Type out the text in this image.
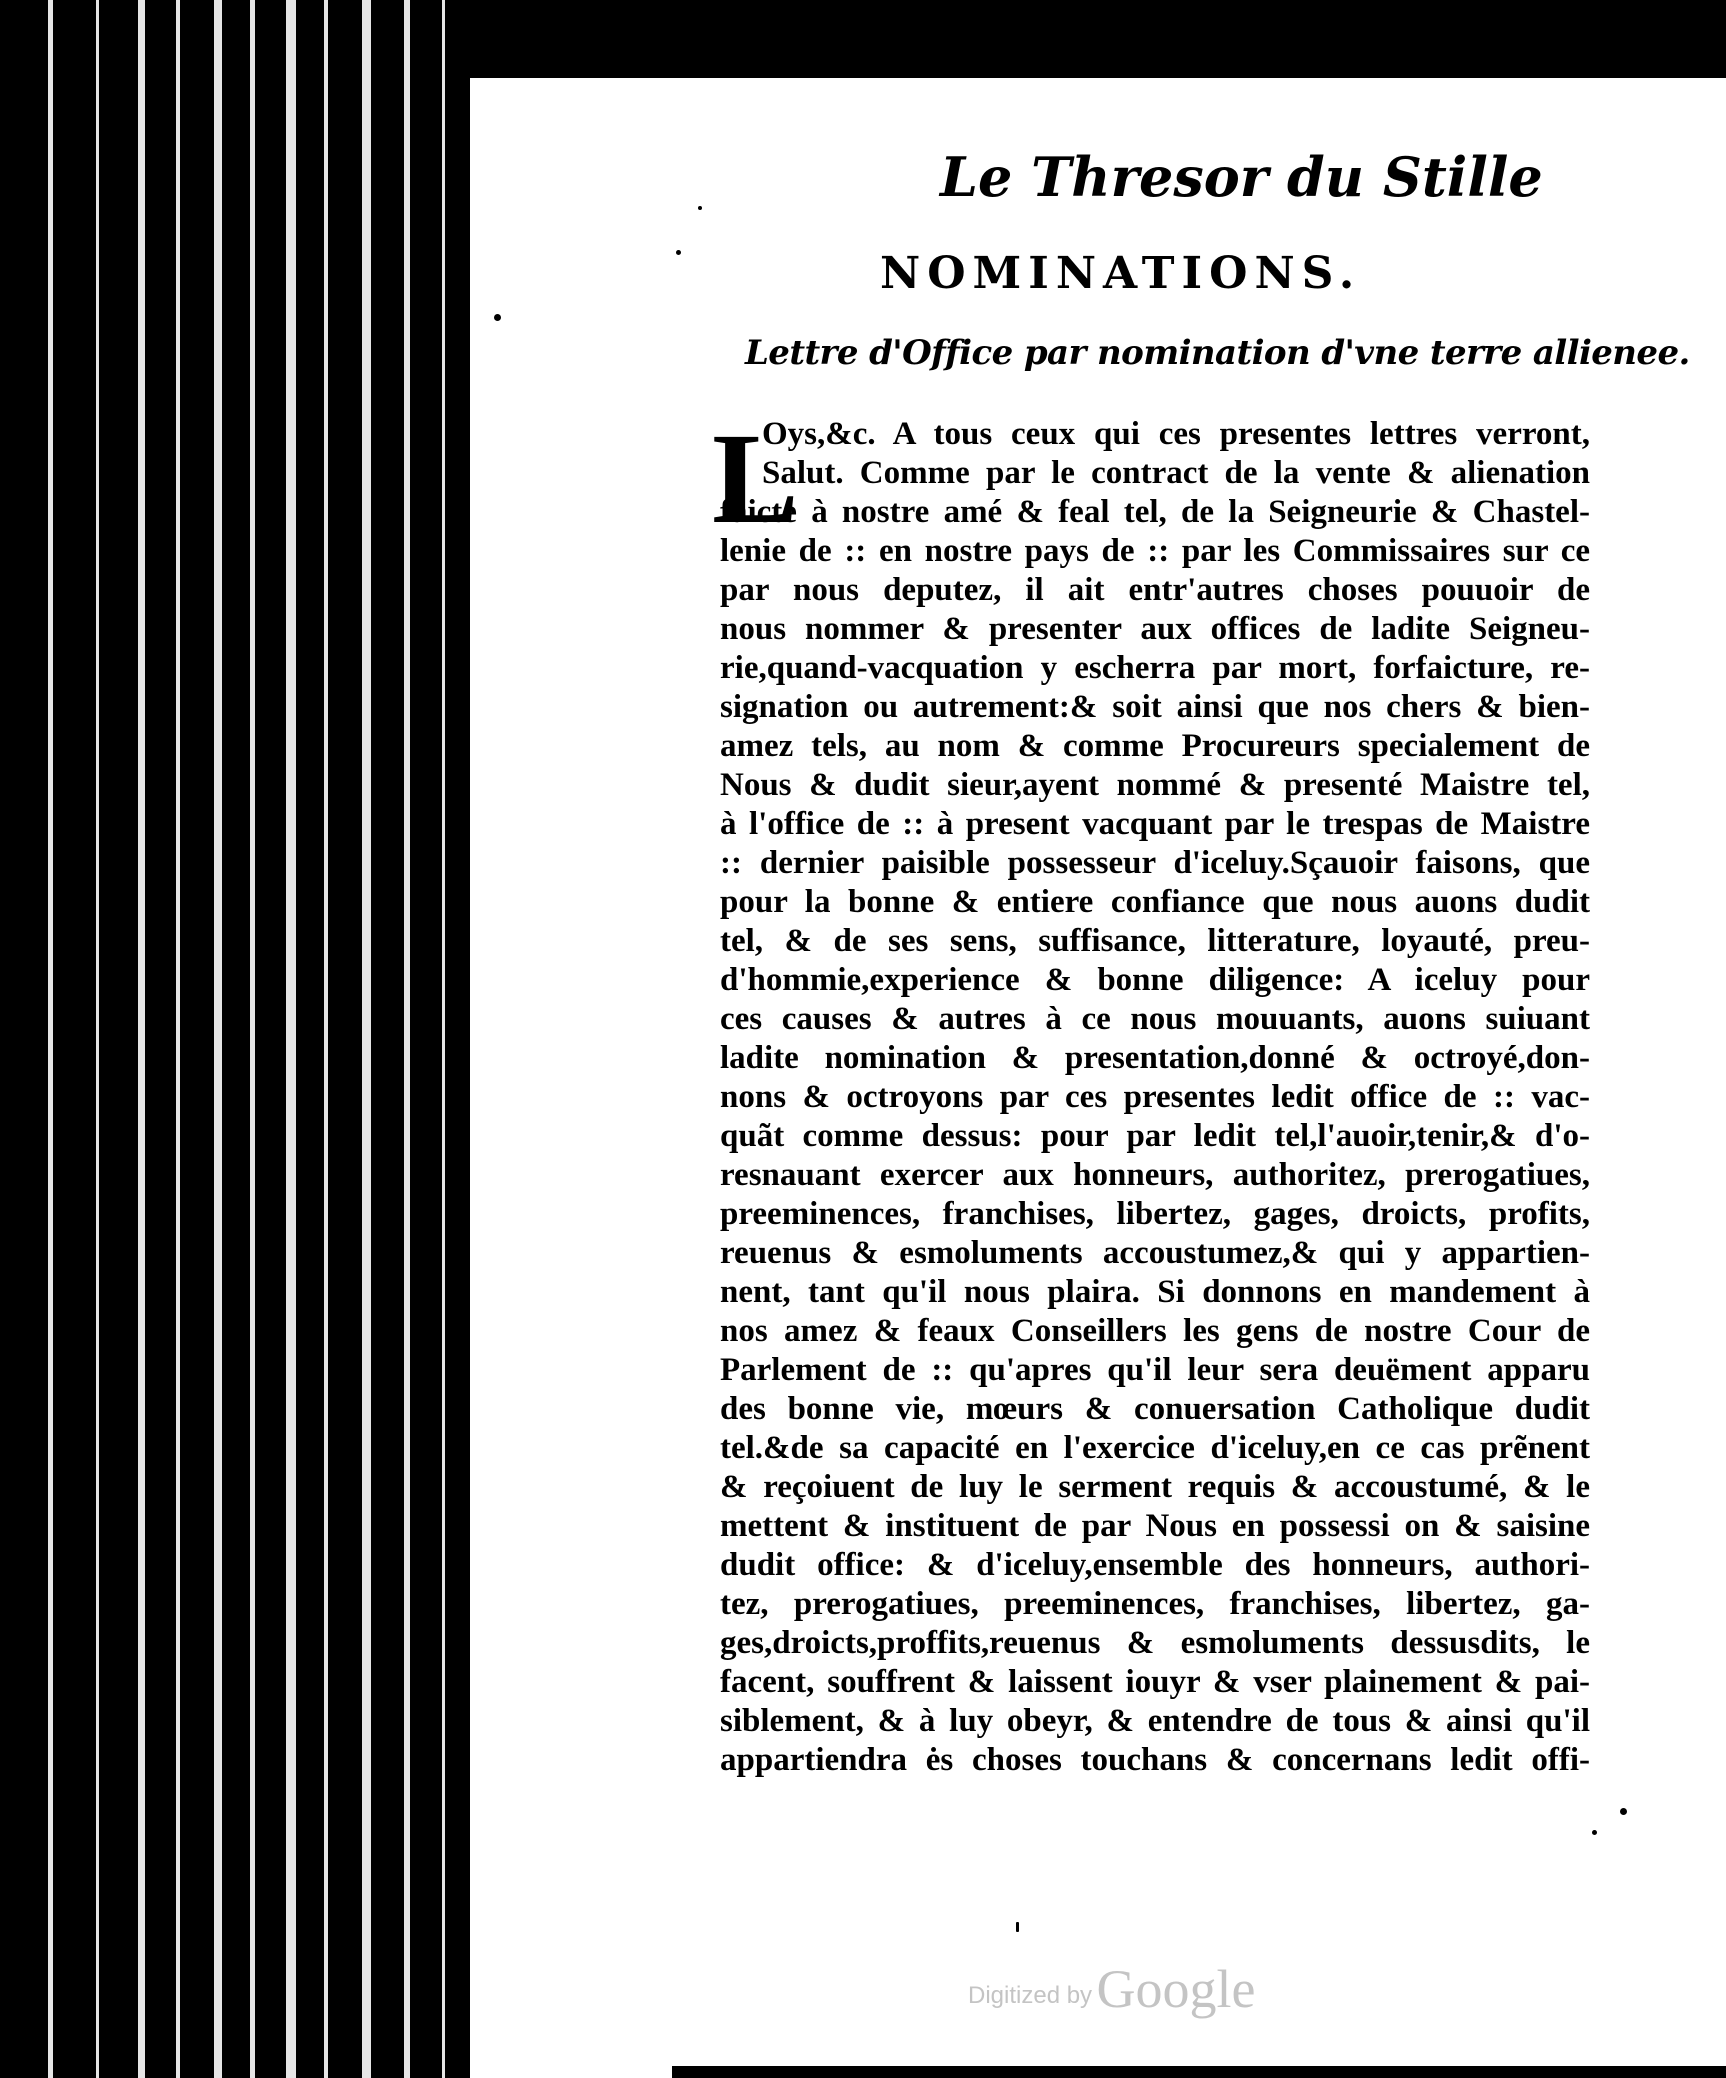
Le Thresor du Stille
NOMINATIONS.
Lettre d'Office par nomination d'vne terre allienee.
L
Oys,&c. A tous ceux qui ces presentes lettres verront,
Salut. Comme par le contract de la vente & alienation
faicte à nostre amé & feal tel, de la Seigneurie & Chastel-
lenie de :: en nostre pays de :: par les Commissaires sur ce
par nous deputez, il ait entr'autres choses pouuoir de
nous nommer & presenter aux offices de ladite Seigneu-
rie,quand-vacquation y escherra par mort, forfaicture, re-
signation ou autrement:& soit ainsi que nos chers & bien-
amez tels, au nom & comme Procureurs specialement de
Nous & dudit sieur,ayent nommé & presenté Maistre tel,
à l'office de :: à present vacquant par le trespas de Maistre
:: dernier paisible possesseur d'iceluy.Sçauoir faisons, que
pour la bonne & entiere confiance que nous auons dudit
tel, & de ses sens, suffisance, litterature, loyauté, preu-
d'hommie,experience & bonne diligence: A iceluy pour
ces causes & autres à ce nous mouuants, auons suiuant
ladite nomination & presentation,donné & octroyé,don-
nons & octroyons par ces presentes ledit office de :: vac-
quãt comme dessus: pour par ledit tel,l'auoir,tenir,& d'o-
resnauant exercer aux honneurs, authoritez, prerogatiues,
preeminences, franchises, libertez, gages, droicts, profits,
reuenus & esmoluments accoustumez,& qui y appartien-
nent, tant qu'il nous plaira. Si donnons en mandement à
nos amez & feaux Conseillers les gens de nostre Cour de
Parlement de :: qu'apres qu'il leur sera deuëment apparu
des bonne vie, mœurs & conuersation Catholique dudit
tel.&de sa capacité en l'exercice d'iceluy,en ce cas prẽnent
& reçoiuent de luy le serment requis & accoustumé, & le
mettent & instituent de par Nous en possessi on & saisine
dudit office: & d'iceluy,ensemble des honneurs, authori-
tez, prerogatiues, preeminences, franchises, libertez, ga-
ges,droicts,proffits,reuenus & esmoluments dessusdits, le
facent, souffrent & laissent iouyr & vser plainement & pai-
siblement, & à luy obeyr, & entendre de tous & ainsi qu'il
appartiendra ės choses touchans & concernans ledit offi-
Digitized by Google
